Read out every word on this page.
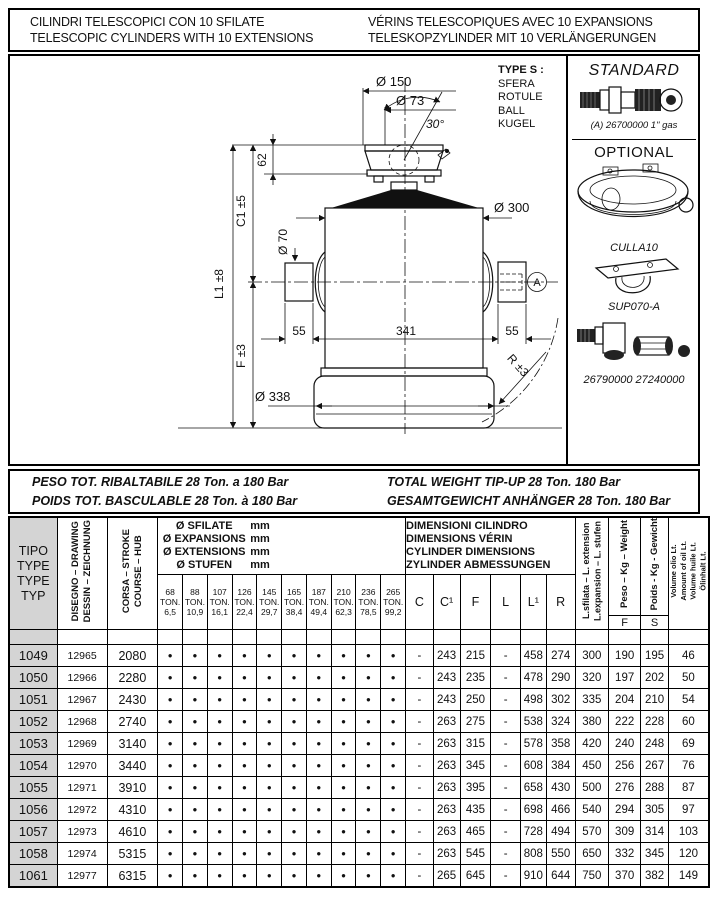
CILINDRI TELESCOPICI CON 10 SFILATE
TELESCOPIC CYLINDERS WITH 10 EXTENSIONS
VÉRINS TELESCOPIQUES AVEC 10 EXPANSIONS
TELESKOPZYLINDER MIT 10 VERLÄNGERUNGEN
A
Ø 150
Ø 73
30°
62
C1 ±5
L1 ±8
F ±3
Ø 70
55	341	55
Ø 300
Ø 338
R ±3
TYPE S :
SFERA
ROTULE
BALL
KUGEL
STANDARD
(A) 26700000 1" gas
OPTIONAL
CULLA10
SUP070-A
26790000 27240000
PESO TOT. RIBALTABILE 28 Ton. a 180 Bar	TOTAL WEIGHT TIP-UP 28 Ton. 180 Bar
POIDS TOT. BASCULABLE 28 Ton. à 180 Bar	GESAMTGEWICHT ANHÄNGER 28 Ton. 180 Bar
TIPO
TYPE
TYPE
TYP	DISEGNO – DRAWING DESSIN – ZEICHNUNG	CORSA – STROKE COURSE – HUB

Ø SFILATE	mm
Ø EXPANSIONS mm
Ø EXTENSIONS mm
Ø STUFEN	mm

DIMENSIONI CILINDRO
DIMENSIONS VÉRIN
CYLINDER DIMENSIONS
ZYLINDER ABMESSUNGEN	L.sfilata – L. extension L.expansion – L. stufen	Peso – Kg – Weight	Poids - Kg - Gewicht	Volume olio Lt. Amount of oil Lt. Volume huile Lt. Ölinhalt Lt.

68
TON.
6,5

88
TON.
10,9

107
TON.
16,1

126
TON.
22,4

145
TON.
29,7

165
TON.
38,4

187
TON.
49,4

210
TON.
62,3

236
TON.
78,5

265
TON.
99,2
	C	C¹	F	L	L¹	R
																				F	S	

1049	12965	2080	●	●	●	●	●	●	●	●	●	●	-	243	215	-	458	274	300	190	195	46
1050	12966	2280	●	●	●	●	●	●	●	●	●	●	-	243	235	-	478	290	320	197	202	50
1051	12967	2430	●	●	●	●	●	●	●	●	●	●	-	243	250	-	498	302	335	204	210	54
1052	12968	2740	●	●	●	●	●	●	●	●	●	●	-	263	275	-	538	324	380	222	228	60
1053	12969	3140	●	●	●	●	●	●	●	●	●	●	-	263	315	-	578	358	420	240	248	69
1054	12970	3440	●	●	●	●	●	●	●	●	●	●	-	263	345	-	608	384	450	256	267	76
1055	12971	3910	●	●	●	●	●	●	●	●	●	●	-	263	395	-	658	430	500	276	288	87
1056	12972	4310	●	●	●	●	●	●	●	●	●	●	-	263	435	-	698	466	540	294	305	97
1057	12973	4610	●	●	●	●	●	●	●	●	●	●	-	263	465	-	728	494	570	309	314	103
1058	12974	5315	●	●	●	●	●	●	●	●	●	●	-	263	545	-	808	550	650	332	345	120
1061	12977	6315	●	●	●	●	●	●	●	●	●	●	-	265	645	-	910	644	750	370	382	149
